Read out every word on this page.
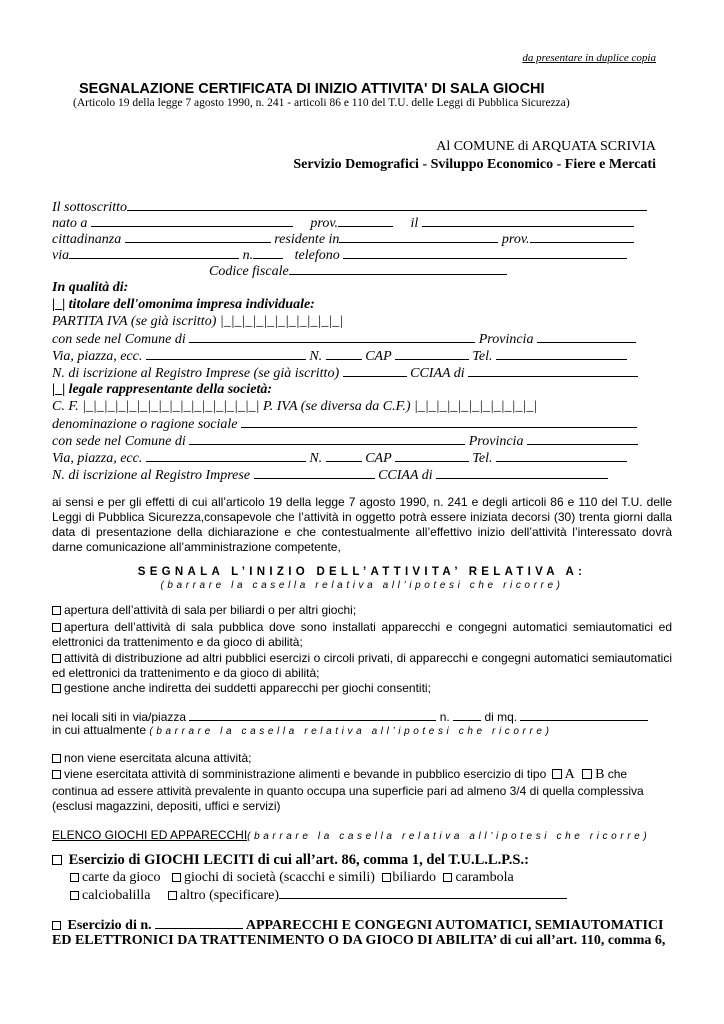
da presentare in duplice copia
SEGNALAZIONE CERTIFICATA DI INIZIO ATTIVITA' DI SALA GIOCHI
(Articolo 19 della legge 7 agosto 1990, n. 241 - articoli 86 e 110 del T.U. delle Leggi di Pubblica Sicurezza)
Al COMUNE di ARQUATA SCRIVIA
Servizio Demografici - Sviluppo Economico - Fiere e Mercati
Il sottoscritto
nato a	prov.	il
cittadinanza	residente in	prov.
via	n.	telefono
Codice fiscale
In qualità di:
|_| titolare dell'omonima impresa individuale:
PARTITA IVA (se già iscritto) |_|_|_|_|_|_|_|_|_|_|_|
con sede nel Comune di	Provincia
Via, piazza, ecc.	N.	CAP	Tel.
N. di iscrizione al Registro Imprese (se già iscritto)	CCIAA di
|_| legale rappresentante della società:
C. F. |_|_|_|_|_|_|_|_|_|_|_|_|_|_|_|_| P. IVA (se diversa da C.F.) |_|_|_|_|_|_|_|_|_|_|_|
denominazione o ragione sociale
con sede nel Comune di	Provincia
Via, piazza, ecc.	N.	CAP	Tel.
N. di iscrizione al Registro Imprese	CCIAA di
ai sensi e per gli effetti di cui all’articolo 19 della legge 7 agosto 1990, n. 241 e degli articoli 86 e 110 del T.U. delle Leggi di Pubblica Sicurezza,consapevole che l’attività in oggetto potrà essere iniziata decorsi (30) trenta giorni dalla data di presentazione della dichiarazione e che contestualmente all’effettivo inizio dell’attività l’interessato dovrà darne comunicazione all’amministrazione competente,
SEGNALA L’INIZIO DELL’ATTIVITA’ RELATIVA A:
(barrare la casella relativa all’ipotesi che ricorre)
apertura dell’attività di sala per biliardi o per altri giochi;
apertura dell’attività di sala pubblica dove sono installati apparecchi e congegni automatici semiautomatici ed elettronici da trattenimento e da gioco di abilità;
attività di distribuzione ad altri pubblici esercizi o circoli privati, di apparecchi e congegni automatici semiautomatici ed elettronici da trattenimento e da gioco di abilità;
gestione anche indiretta dei suddetti apparecchi per giochi consentiti;
nei locali siti in via/piazza	n.	di mq.
in cui attualmente (barrare la casella relativa all’ipotesi che ricorre)
non viene esercitata alcuna attività;
viene esercitata attività di somministrazione alimenti e bevande in pubblico esercizio di tipo A B che
continua ad essere attività prevalente in quanto occupa una superficie pari ad almeno 3/4 di quella complessiva
(esclusi magazzini, depositi, uffici e servizi)
ELENCO GIOCHI ED APPARECCHI(barrare la casella relativa all’ipotesi che ricorre)
Esercizio di GIOCHI LECITI di cui all’art. 86, comma 1, del T.U.L.L.P.S.:
carte da gioco giochi di società (scacchi e simili) biliardo carambola
calciobalilla altro (specificare)
Esercizio di n.	APPARECCHI E CONGEGNI AUTOMATICI, SEMIAUTOMATICI
ED ELETTRONICI DA TRATTENIMENTO O DA GIOCO DI ABILITA’ di cui all’art. 110, comma 6,
